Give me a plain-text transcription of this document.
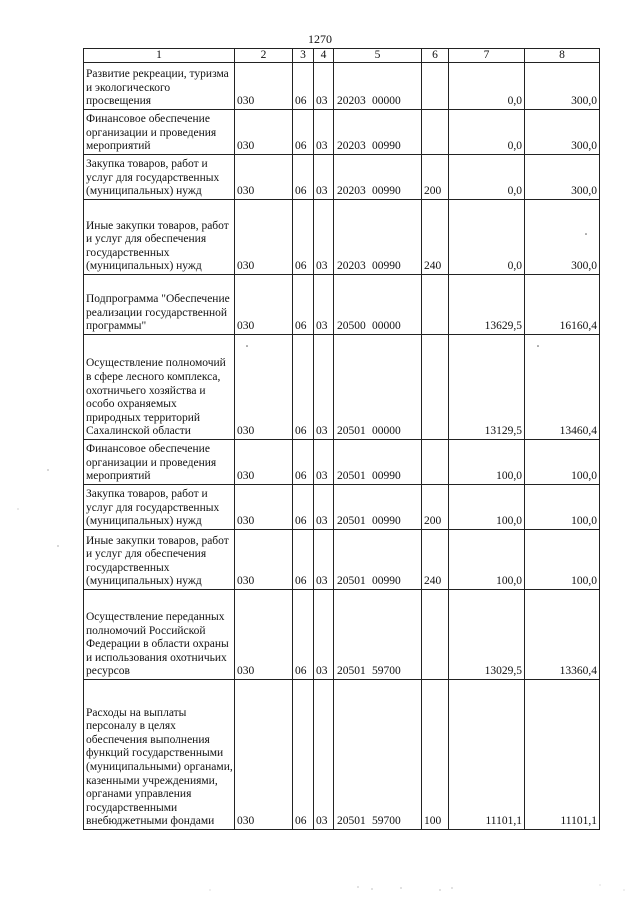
1270
1	2	3	4	5	6	7	8
Развитие рекреации, туризма и экологического просвещения	030	06	03	20203 00000		0,0	300,0
Финансовое обеспечение организации и проведения мероприятий	030	06	03	20203 00990		0,0	300,0
Закупка товаров, работ и услуг для государственных (муниципальных) нужд	030	06	03	20203 00990	200	0,0	300,0
Иные закупки товаров, работ и услуг для обеспечения государственных (муниципальных) нужд	030	06	03	20203 00990	240	0,0	300,0
Подпрограмма "Обеспечение реализации государственной программы"	030	06	03	20500 00000		13629,5	16160,4
Осуществление полномочий в сфере лесного комплекса, охотничьего хозяйства и особо охраняемых природных территорий Сахалинской области	030	06	03	20501 00000		13129,5	13460,4
Финансовое обеспечение организации и проведения мероприятий	030	06	03	20501 00990		100,0	100,0
Закупка товаров, работ и услуг для государственных (муниципальных) нужд	030	06	03	20501 00990	200	100,0	100,0
Иные закупки товаров, работ и услуг для обеспечения государственных (муниципальных) нужд	030	06	03	20501 00990	240	100,0	100,0
Осуществление переданных полномочий Российской Федерации в области охраны и использования охотничьих ресурсов	030	06	03	20501 59700		13029,5	13360,4
Расходы на выплаты персоналу в целях обеспечения выполнения функций государственными (муниципальными) органами, казенными учреждениями, органами управления государственными внебюджетными фондами	030	06	03	20501 59700	100	11101,1	11101,1
